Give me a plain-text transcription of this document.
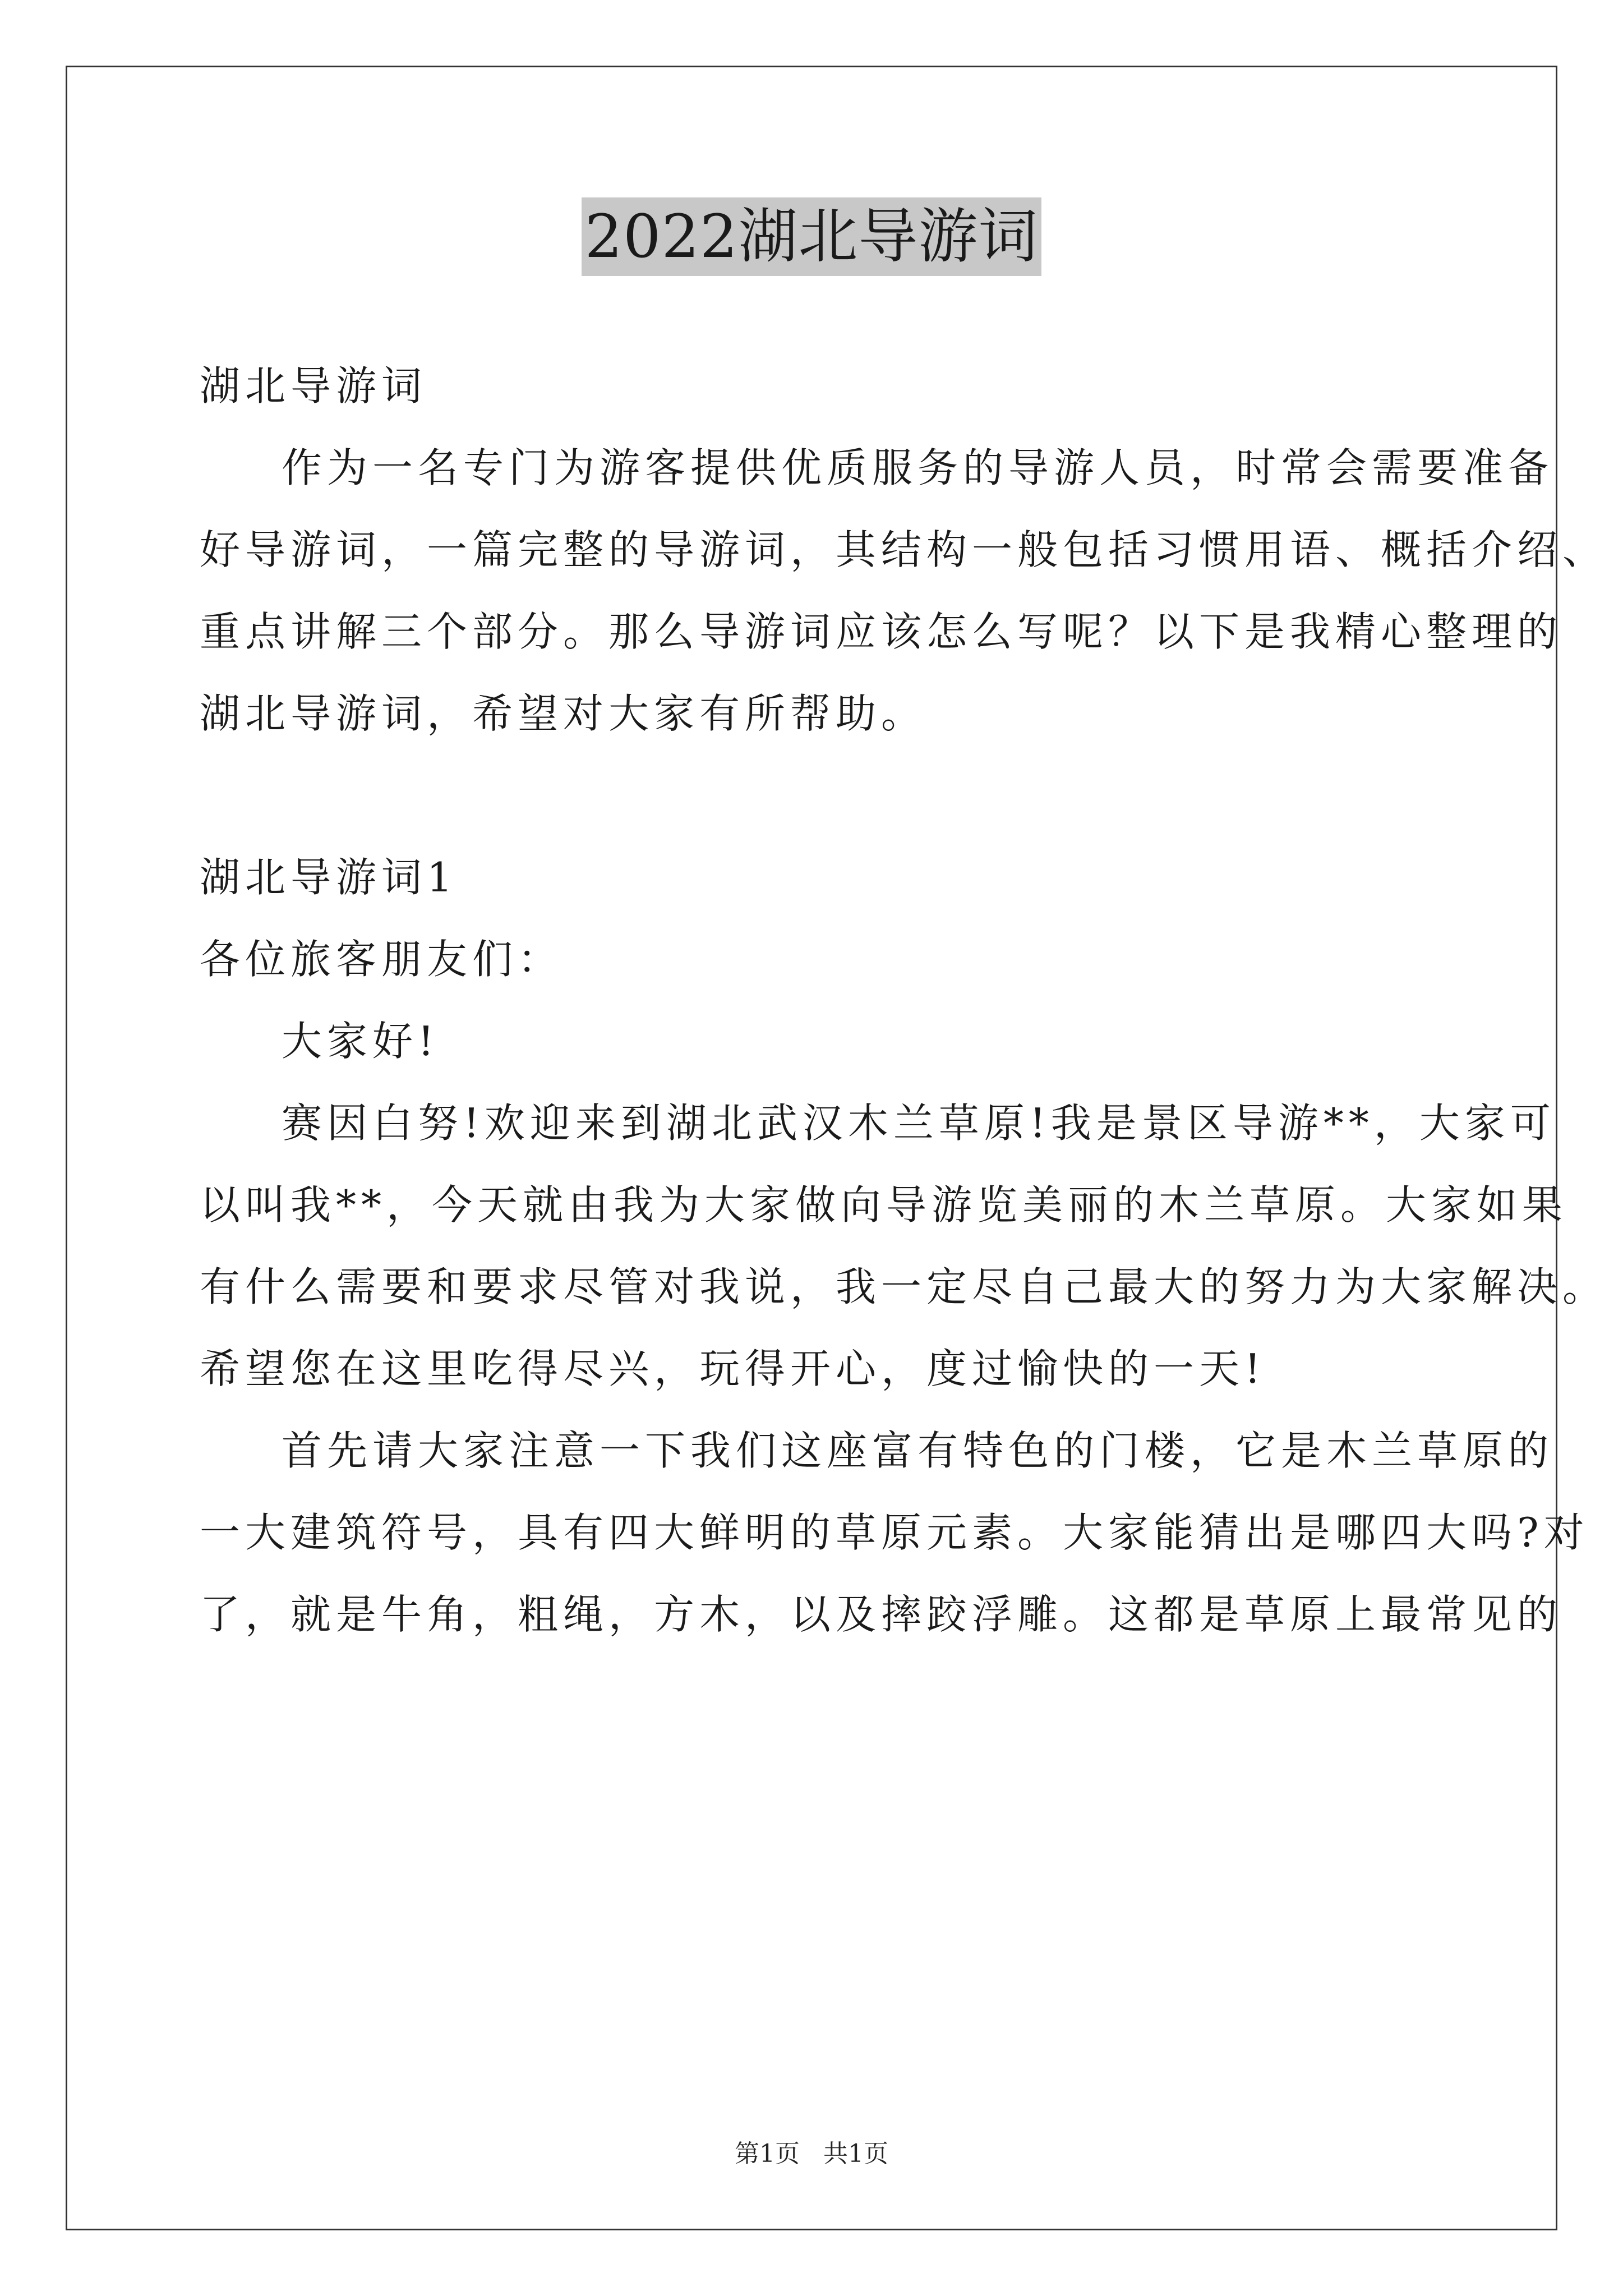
2022湖北导游词
湖北导游词
作为一名专门为游客提供优质服务的导游人员，时常会需要准备
好导游词，一篇完整的导游词，其结构一般包括习惯用语、概括介绍、
重点讲解三个部分。那么导游词应该怎么写呢？以下是我精心整理的
湖北导游词，希望对大家有所帮助。
湖北导游词1
各位旅客朋友们：
大家好!
赛因白努!欢迎来到湖北武汉木兰草原!我是景区导游**，大家可
以叫我**，今天就由我为大家做向导游览美丽的木兰草原。大家如果
有什么需要和要求尽管对我说，我一定尽自己最大的努力为大家解决。
希望您在这里吃得尽兴，玩得开心，度过愉快的一天!
首先请大家注意一下我们这座富有特色的门楼，它是木兰草原的
一大建筑符号，具有四大鲜明的草原元素。大家能猜出是哪四大吗?对
了，就是牛角，粗绳，方木，以及摔跤浮雕。这都是草原上最常见的
第1页 共1页
